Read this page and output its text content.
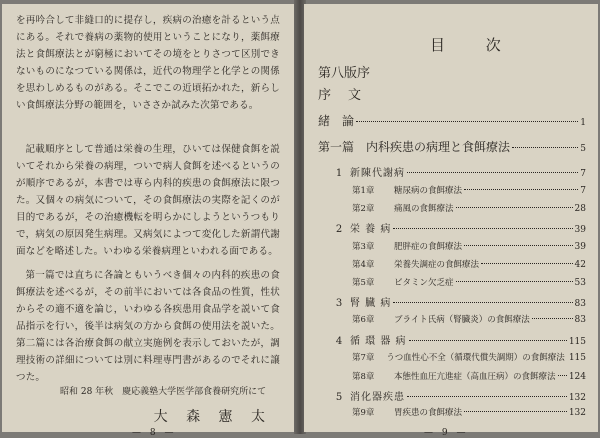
を再吟合して非縫口的に提存し，疾病の治癒を計るという点にある。それで養病の薬物的使用ということになり，薬餌療法と食餌療法とが窮極においてその境をとりさつて区別できないものになつている関係は，近代の物理学と化学との関係を思わしめるものがある。そこでこの近頃拓かれた，新らしい食餌療法分野の範囲を，いささか試みた次第である。

記載順序として普通は栄養の生理，ひいては保健食餌を説いてそれから栄養の病理，ついで病人食餌を述べるというのが順序であるが，本書では専ら内科的疾患の食餌療法に限つた。又個々の病気について，その食餌療法の実際を記くのが目的であるが，その治癒機転を明らかにしようというつもりで，病気の原因発生病理。又病気によつて変化した新謂代謝面などを略述した。いわゆる栄養病理といわれる面である。

第一篇では直ちに各論ともいうべき個々の内科的疾患の食餌療法を述べるが，その前半においては各食品の性質，性状からその適不適を論じ，いわゆる各疾患用食品学を説いて食品指示を行い，後半は病気の方から食餌の使用法を説いた。第二篇には各治療食餌の献立実施例を表示しておいたが，調理技術の詳細については別に料理専門書があるのでそれに譲つた。

昭和 28 年秋　慶応義塾大学医学部食養研究所にて
大 森 憲 太
— 8 —
目 次
第八版序
序　文
緒　論	1
第一篇　内科疾患の病理と食餌療法	5
1 新陳代謝病	7
第1章	糖尿病の食餌療法	7
第2章	痛風の食餌療法	28
2 栄 養 病	39
第3章	肥胖症の食餌療法	39
第4章	栄養失調症の食餌療法	42
第5章	ビタミン欠乏症	53
3 腎 臓 病	83
第6章	ブライト氏病（腎臓炎）の食餌療法	83
4 循 環 器 病	115
第7章	うつ血性心不全（循環代償失調期）の食餌療法 115
第8章	本態性血圧亢進症（高血圧病）の食餌療法 124
5 消化器疾患	132
第9章	胃疾患の食餌療法	132
— 9 —
